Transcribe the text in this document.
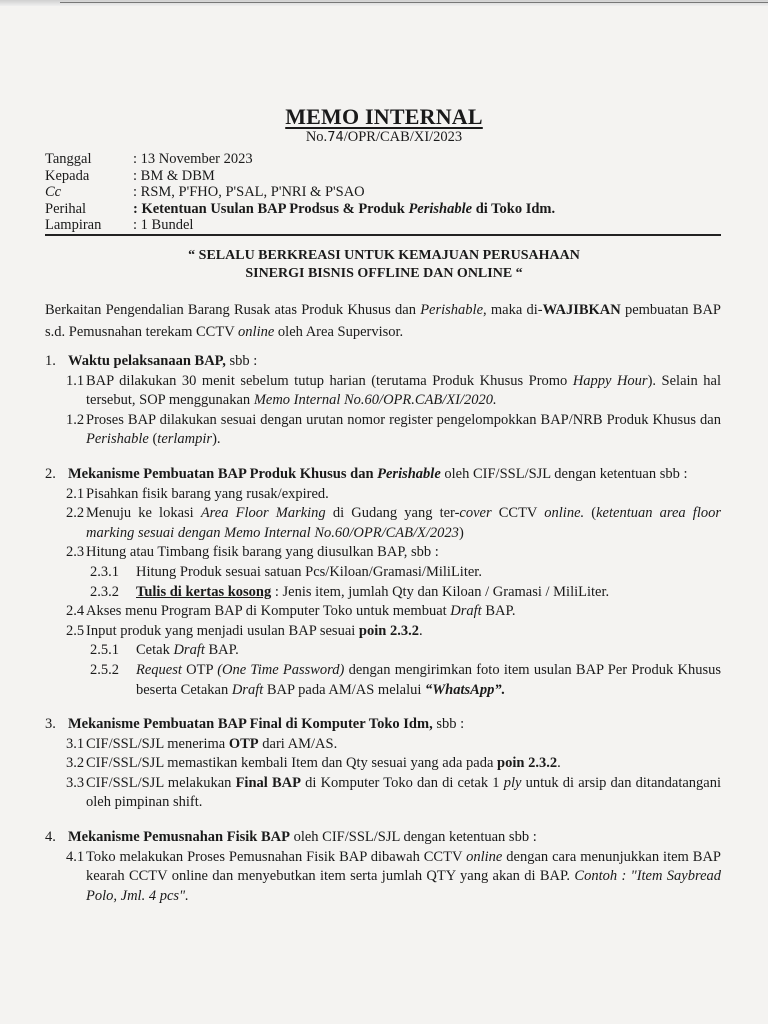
MEMO INTERNAL
No.74/OPR/CAB/XI/2023
Tanggal	: 13 November 2023
Kepada	: BM & DBM
Cc	: RSM, P'FHO, P'SAL, P'NRI & P'SAO
Perihal	: Ketentuan Usulan BAP Prodsus & Produk Perishable di Toko Idm.
Lampiran	: 1 Bundel
“ SELALU BERKREASI UNTUK KEMAJUAN PERUSAHAAN
SINERGI BISNIS OFFLINE DAN ONLINE “
Berkaitan Pengendalian Barang Rusak atas Produk Khusus dan Perishable, maka di-WAJIBKAN pembuatan BAP s.d. Pemusnahan terekam CCTV online oleh Area Supervisor.
1. Waktu pelaksanaan BAP, sbb :
1.1 BAP dilakukan 30 menit sebelum tutup harian (terutama Produk Khusus Promo Happy Hour). Selain hal tersebut, SOP menggunakan Memo Internal No.60/OPR.CAB/XI/2020.
1.2 Proses BAP dilakukan sesuai dengan urutan nomor register pengelompokkan BAP/NRB Produk Khusus dan Perishable (terlampir).
2. Mekanisme Pembuatan BAP Produk Khusus dan Perishable oleh CIF/SSL/SJL dengan ketentuan sbb :
2.1 Pisahkan fisik barang yang rusak/expired.
2.2 Menuju ke lokasi Area Floor Marking di Gudang yang ter-cover CCTV online. (ketentuan area floor marking sesuai dengan Memo Internal No.60/OPR/CAB/X/2023)
2.3 Hitung atau Timbang fisik barang yang diusulkan BAP, sbb :
2.3.1	Hitung Produk sesuai satuan Pcs/Kiloan/Gramasi/MiliLiter.
2.3.2	Tulis di kertas kosong : Jenis item, jumlah Qty dan Kiloan / Gramasi / MiliLiter.
2.4 Akses menu Program BAP di Komputer Toko untuk membuat Draft BAP.
2.5 Input produk yang menjadi usulan BAP sesuai poin 2.3.2.
2.5.1	Cetak Draft BAP.
2.5.2	Request OTP (One Time Password) dengan mengirimkan foto item usulan BAP Per Produk Khusus beserta Cetakan Draft BAP pada AM/AS melalui “WhatsApp”.
3. Mekanisme Pembuatan BAP Final di Komputer Toko Idm, sbb :
3.1 CIF/SSL/SJL menerima OTP dari AM/AS.
3.2 CIF/SSL/SJL memastikan kembali Item dan Qty sesuai yang ada pada poin 2.3.2.
3.3 CIF/SSL/SJL melakukan Final BAP di Komputer Toko dan di cetak 1 ply untuk di arsip dan ditandatangani oleh pimpinan shift.
4. Mekanisme Pemusnahan Fisik BAP oleh CIF/SSL/SJL dengan ketentuan sbb :
4.1 Toko melakukan Proses Pemusnahan Fisik BAP dibawah CCTV online dengan cara menunjukkan item BAP kearah CCTV online dan menyebutkan item serta jumlah QTY yang akan di BAP. Contoh : "Item Saybread Polo, Jml. 4 pcs".
